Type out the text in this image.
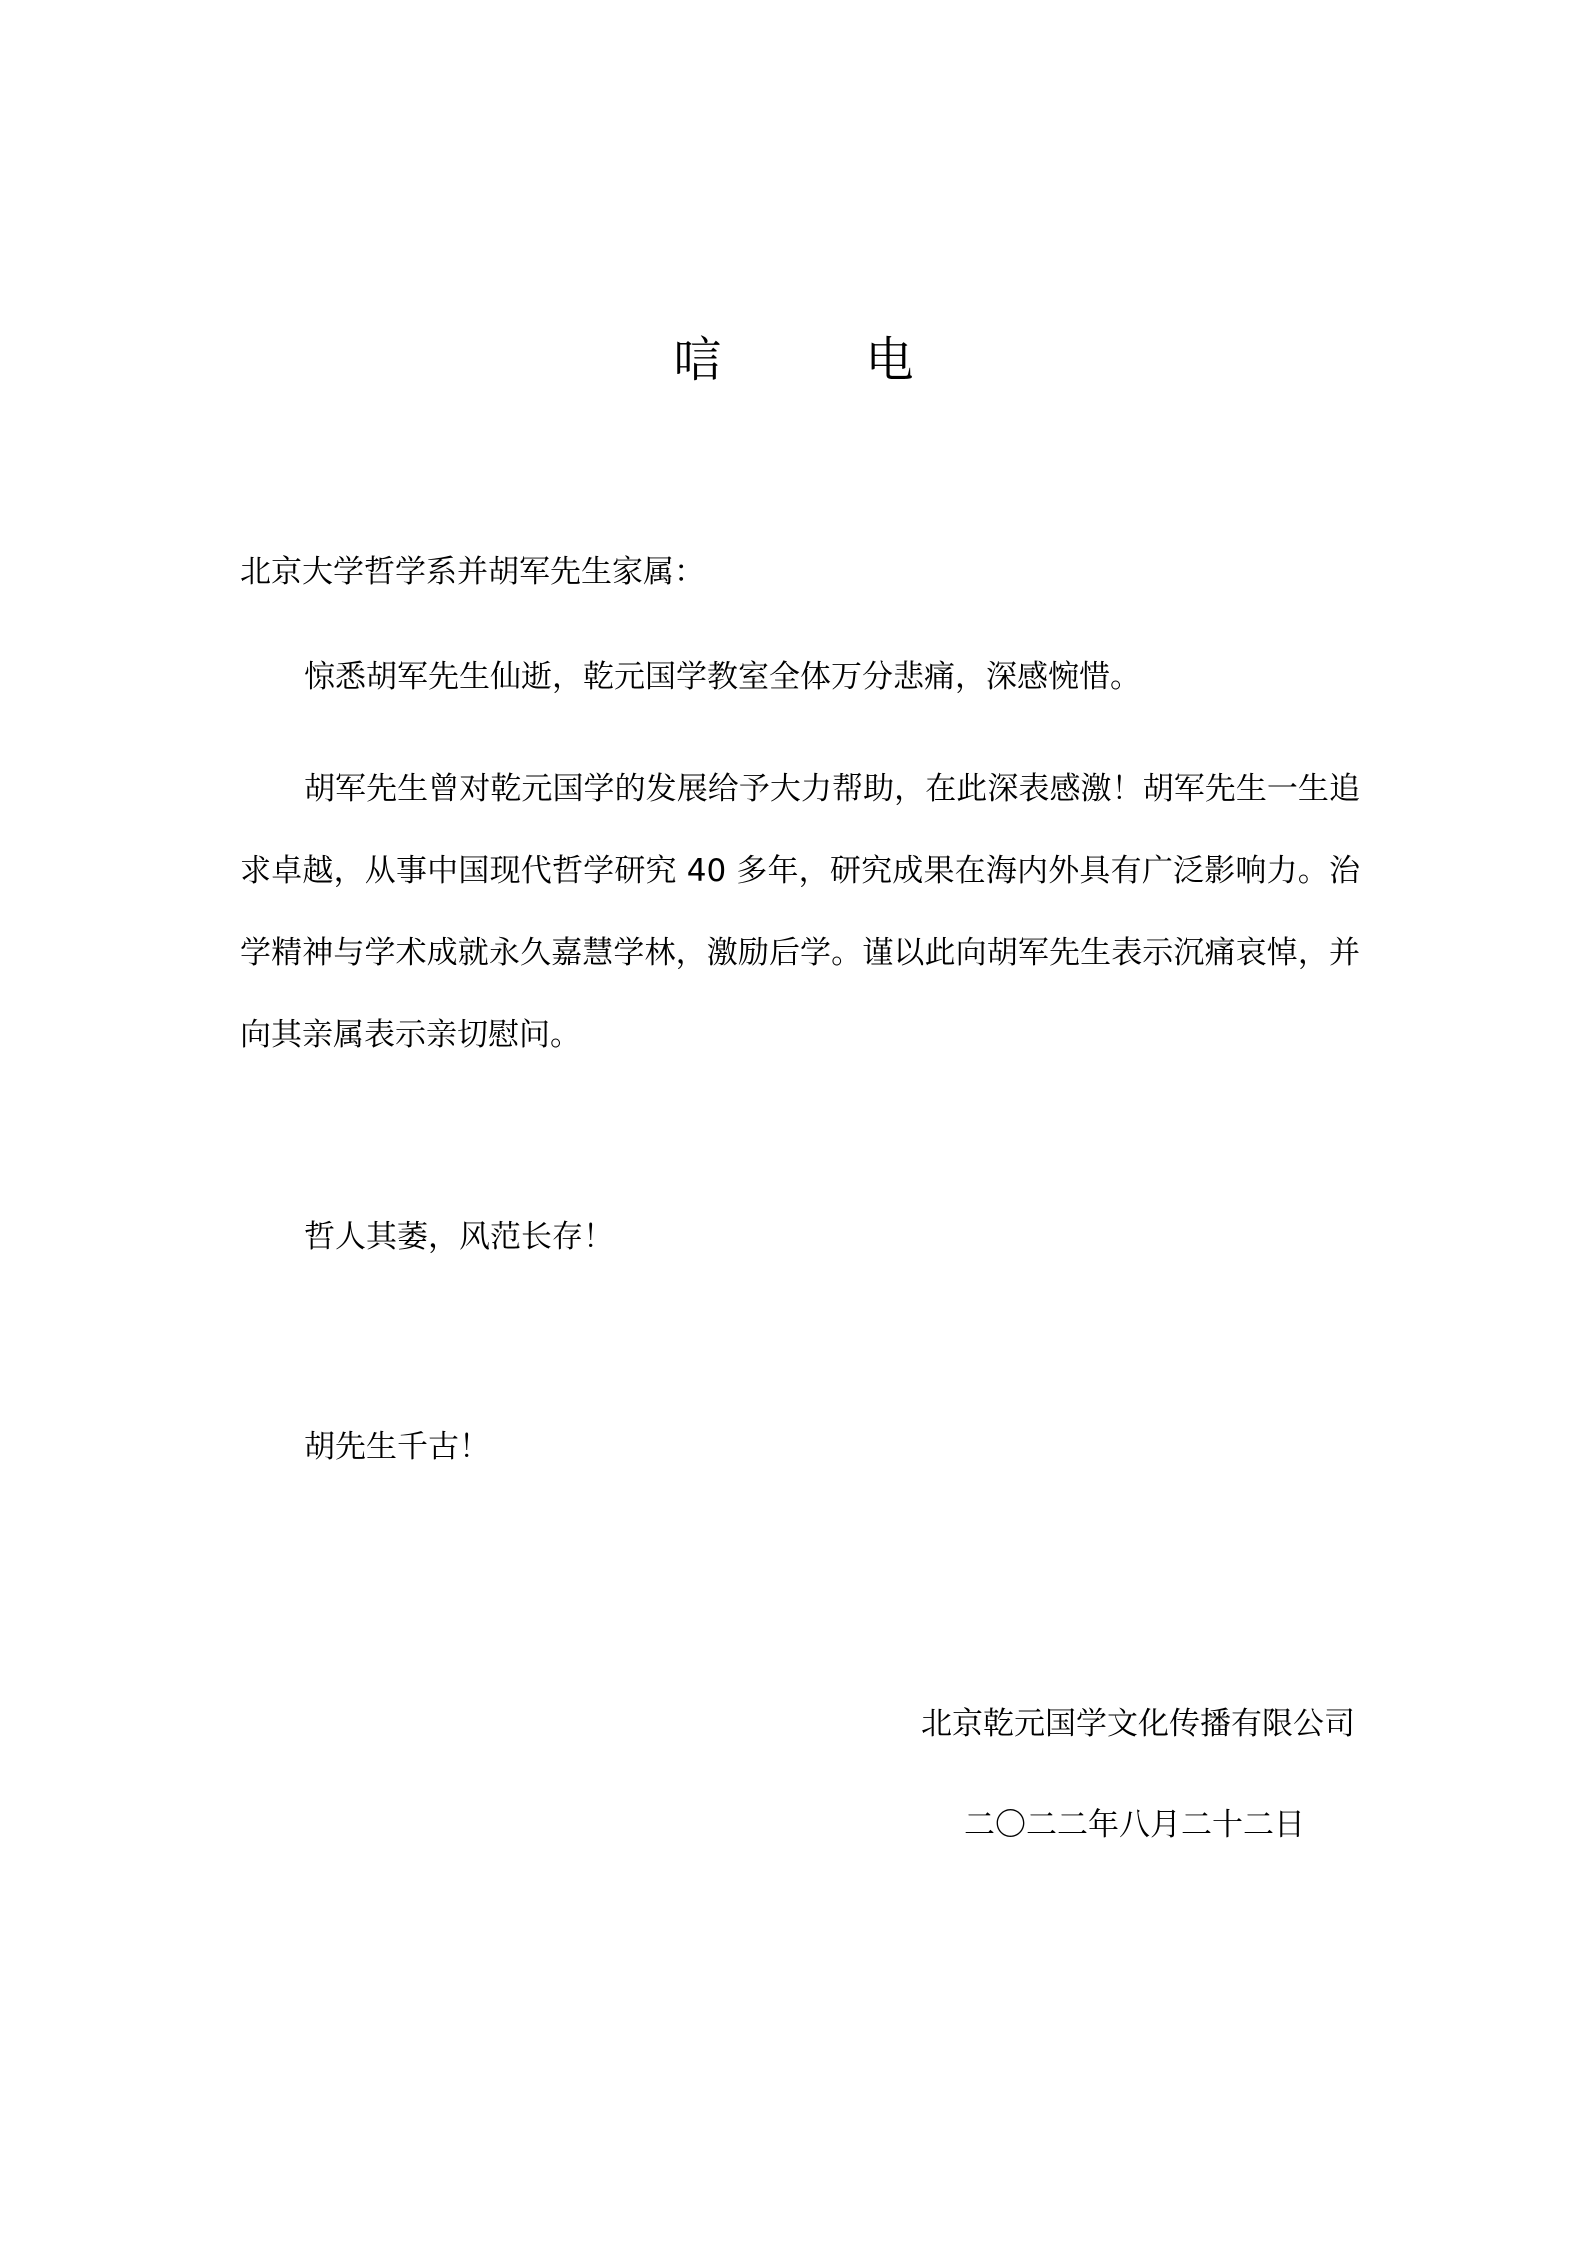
唁　电
北京大学哲学系并胡军先生家属：
惊悉胡军先生仙逝，乾元国学教室全体万分悲痛，深感惋惜。
胡军先生曾对乾元国学的发展给予大力帮助，在此深表感激！胡军先生一生追求卓越，从事中国现代哲学研究 40 多年，研究成果在海内外具有广泛影响力。治学精神与学术成就永久嘉慧学林，激励后学。谨以此向胡军先生表示沉痛哀悼，并向其亲属表示亲切慰问。
哲人其萎，风范长存！
胡先生千古！
北京乾元国学文化传播有限公司
二〇二二年八月二十二日
